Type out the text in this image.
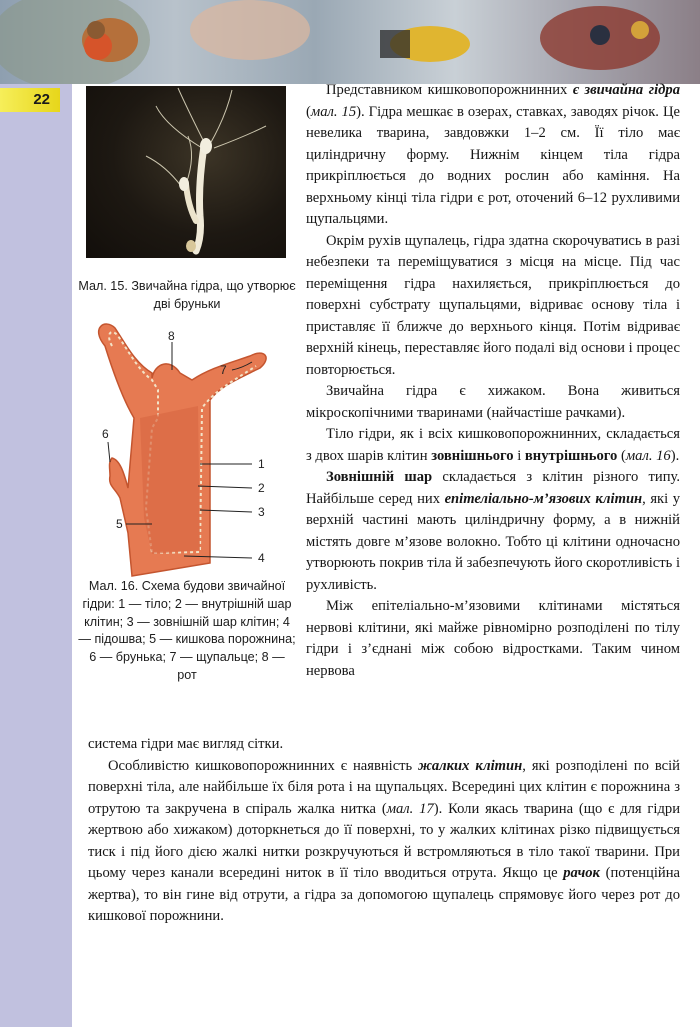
22
Мал. 15. Звичайна гідра, що утворює дві бруньки
8
7
1
2
3
4
5
6
Мал. 16. Схема будови звичайної гідри: 1 — тіло; 2 — внутрішній шар клітин; 3 — зовнішній шар клітин; 4 — підошва; 5 — кишкова порожнина; 6 — брунька; 7 — щупальце; 8 — рот

Представником кишковопорожнинних є звичайна гідра (мал. 15). Гідра мешкає в озерах, ставках, заводях річок. Це невелика тварина, завдовжки 1–2 см. Її тіло має циліндричну форму. Нижнім кінцем тіла гідра прикріплюється до водних рослин або каміння. На верхньому кінці тіла гідри є рот, оточений 6–12 рухливими щупальцями.

Окрім рухів щупалець, гідра здатна скорочуватись в разі небезпеки та переміщуватися з місця на місце. Під час переміщення гідра нахиляється, прикріплюється до поверхні субстрату щупальцями, відриває основу тіла і приставляє її ближче до верхнього кінця. Потім відриває верхній кінець, переставляє його подалі від основи і процес повторюється.

Звичайна гідра є хижаком. Вона живиться мікроскопічними тваринами (найчастіше рачками).

Тіло гідри, як і всіх кишковопорожнинних, складається з двох шарів клітин зовнішнього і внутрішнього (мал. 16).

Зовнішній шар складається з клітин різного типу. Найбільше серед них епітеліально-м’язових клітин, які у верхній частині мають циліндричну форму, а в нижній містять довге м’язове волокно. Тобто ці клітини одночасно утворюють покрив тіла й забезпечують його скоротливість і рухливість.

Між епітеліально-м’язовими клітинами містяться нервові клітини, які майже рівномірно розподілені по тілу гідри і з’єднані між собою відростками. Таким чином нервова

система гідри має вигляд сітки.

Особливістю кишковопорожнинних є наявність жалких клітин, які розподілені по всій поверхні тіла, але найбільше їх біля рота і на щупальцях. Всередині цих клітин є порожнина з отрутою та закручена в спіраль жалка нитка (мал. 17). Коли якась тварина (що є для гідри жертвою або хижаком) доторкнеться до її поверхні, то у жалких клітинах різко підвищується тиск і під його дією жалкі нитки розкручуються й встромляються в тіло такої тварини. При цьому через канали всередині ниток в її тіло вводиться отрута. Якщо це рачок (потенційна жертва), то він гине від отрути, а гідра за допомогою щупалець спрямовує його через рот до кишкової порожнини.
